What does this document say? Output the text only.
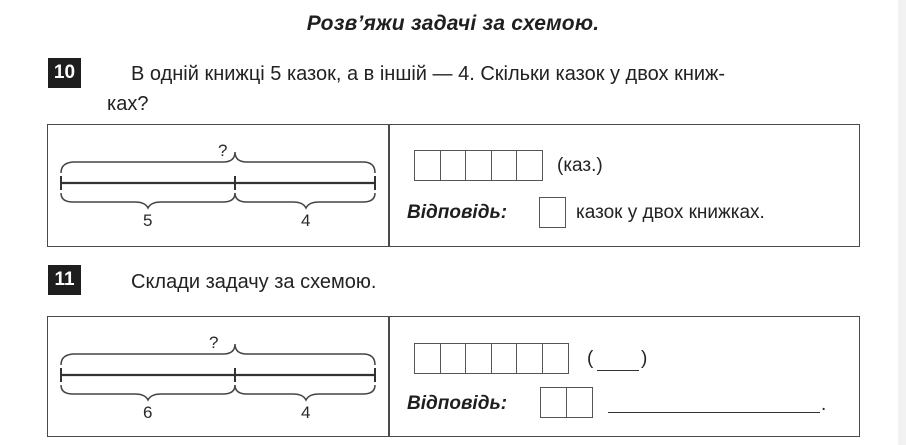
Розв’яжи задачі за схемою.
10	В одній книжці 5 казок, а в іншій — 4. Скільки казок у двох книж-
ках?
?
5	4
(каз.)
Відповідь:	казок у двох книжках.
11	Склади задачу за схемою.
?
6	4
(	)
Відповідь:	.
